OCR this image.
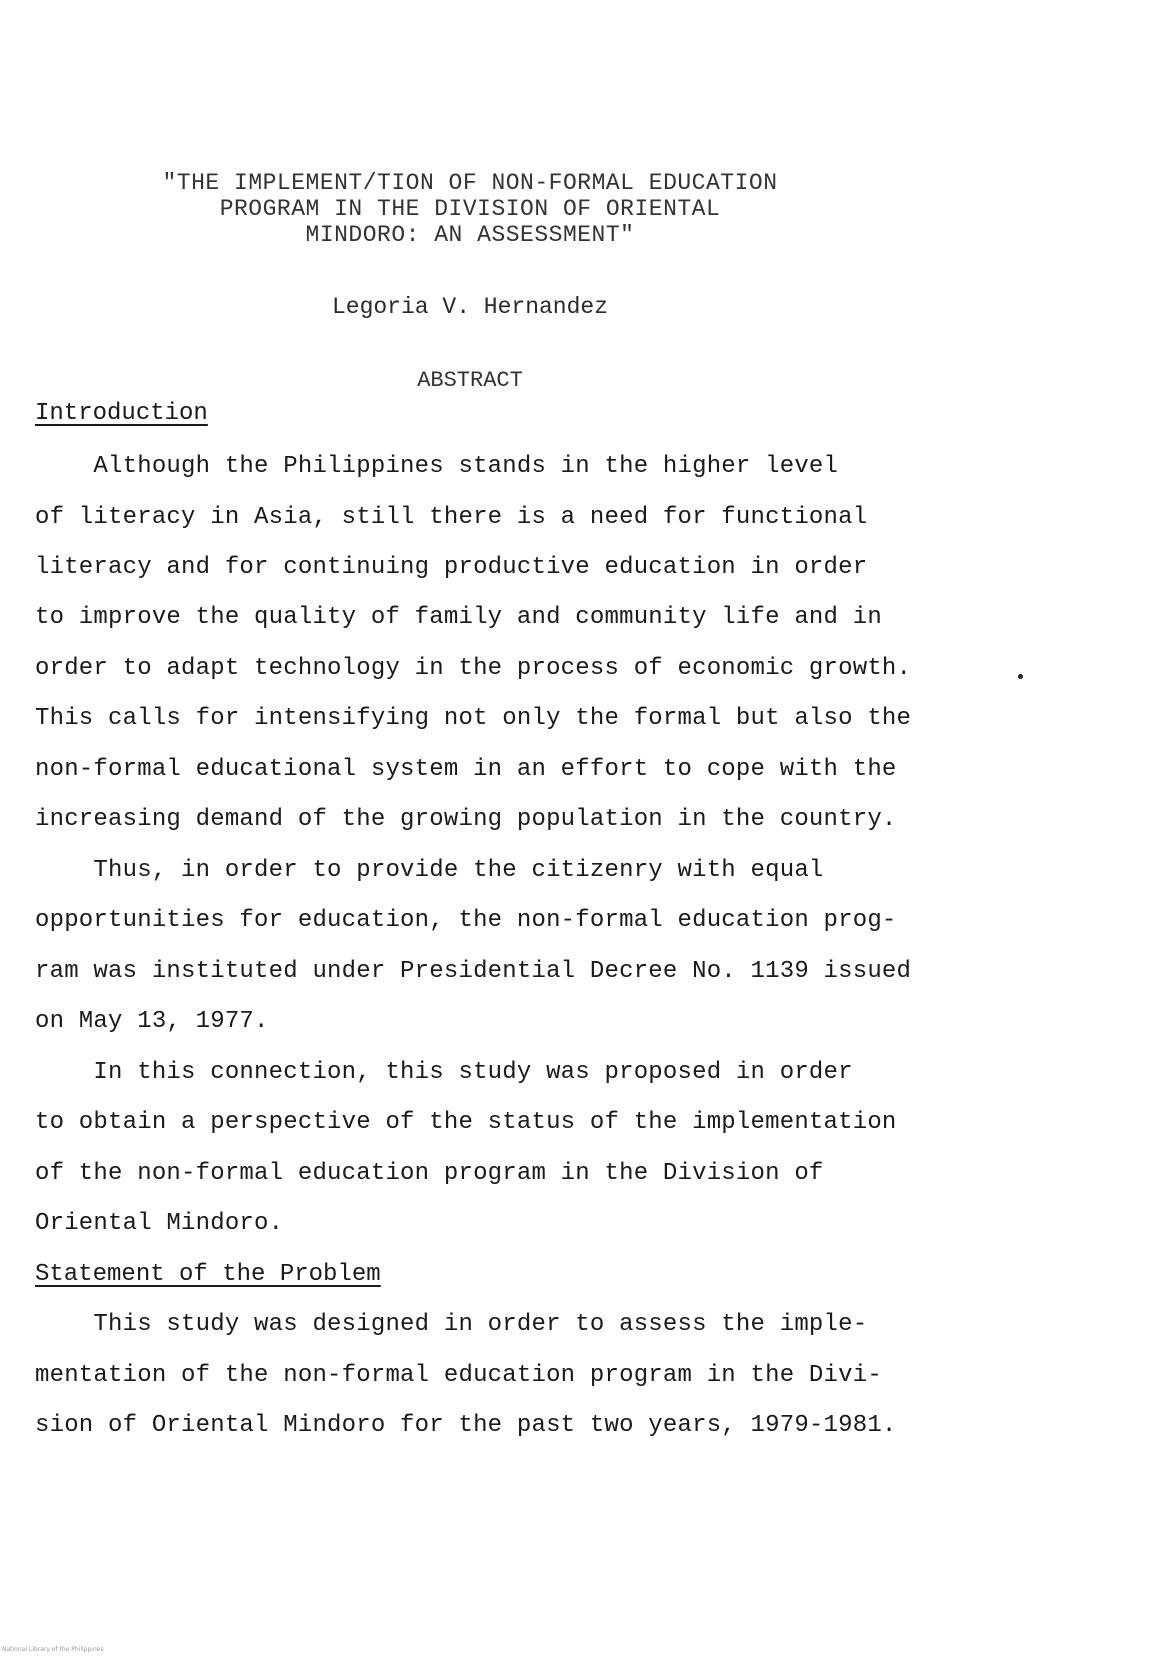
"THE IMPLEMENT/TION OF NON-FORMAL EDUCATION
PROGRAM IN THE DIVISION OF ORIENTAL
MINDORO: AN ASSESSMENT"
Legoria V. Hernandez
ABSTRACT
Introduction
Although the Philippines stands in the higher level
of literacy in Asia, still there is a need for functional
literacy and for continuing productive education in order
to improve the quality of family and community life and in
order to adapt technology in the process of economic growth.
This calls for intensifying not only the formal but also the
non-formal educational system in an effort to cope with the
increasing demand of the growing population in the country.
Thus, in order to provide the citizenry with equal
opportunities for education, the non-formal education prog-
ram was instituted under Presidential Decree No. 1139 issued
on May 13, 1977.
In this connection, this study was proposed in order
to obtain a perspective of the status of the implementation
of the non-formal education program in the Division of
Oriental Mindoro.
Statement of the Problem
This study was designed in order to assess the imple-
mentation of the non-formal education program in the Divi-
sion of Oriental Mindoro for the past two years, 1979-1981.
National Library of the Philippines
